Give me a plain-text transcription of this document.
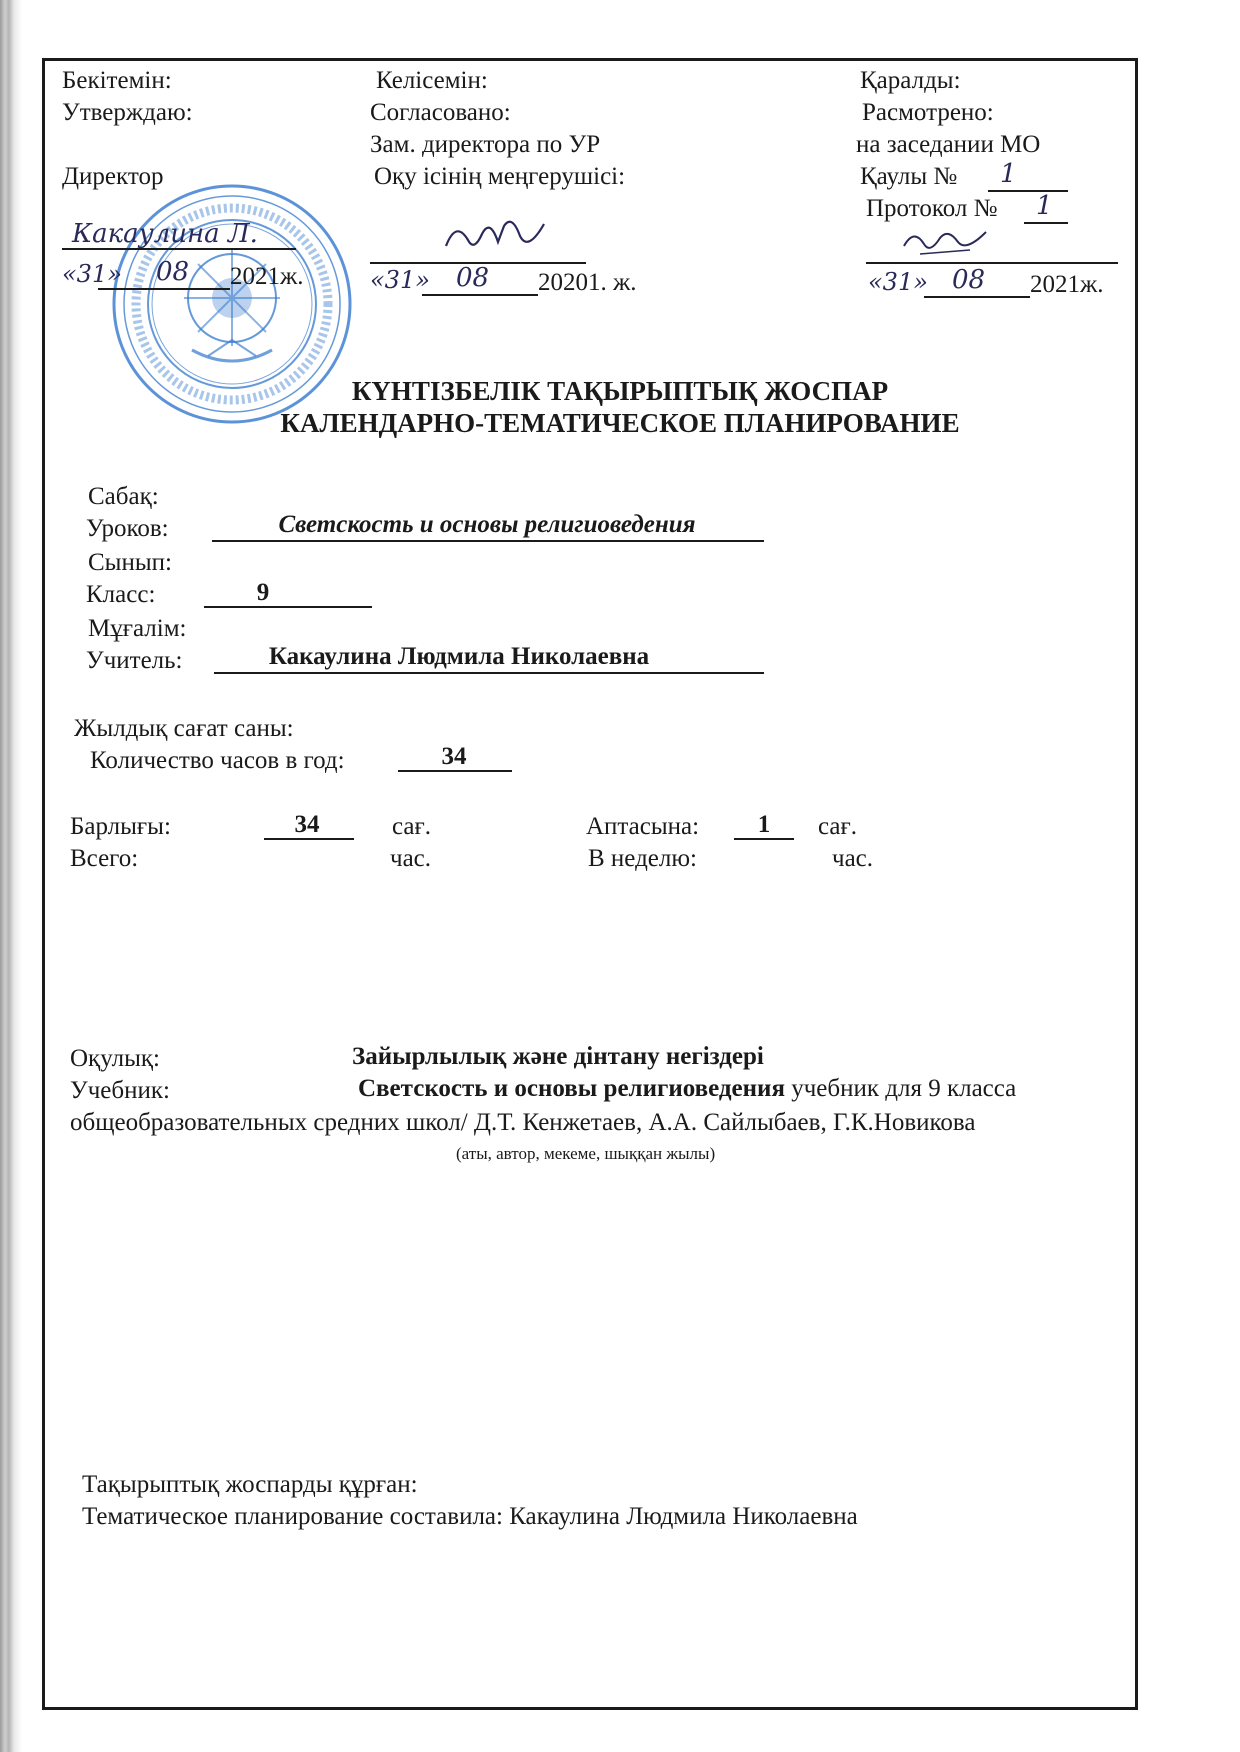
Бекітемін:
Утверждаю:
Директор
Какаулина Л.
«31» 08 2021ж.
Келісемін:
Согласовано:
Зам. директора по УР
Оқу ісінің меңгерушісі:
«31» 08 20201. ж.
Қаралды:
Расмотрено:
на заседании МО
Қаулы № 1
Протокол № 1
«31» 08 2021ж.
КҮНТІЗБЕЛІК ТАҚЫРЫПТЫҚ ЖОСПАР
КАЛЕНДАРНО-ТЕМАТИЧЕСКОЕ ПЛАНИРОВАНИЕ
Сабақ:
Уроков:	Светскость и основы религиоведения
Сынып:
Класс:	9
Мұғалім:
Учитель:	Какаулина Людмила Николаевна
Жылдық сағат саны:
Количество часов в год:	34
Барлығы:
Всего:
34	сағ.
час.
Аптасына:
В неделю:
1	сағ.
час.
Оқулық:	Зайырлылық және дінтану негіздері
Учебник:	Светскость и основы религиоведения учебник для 9 класса
общеобразовательных средних школ/ Д.Т. Кенжетаев, А.А. Сайлыбаев, Г.К.Новикова
(аты, автор, мекеме, шыққан жылы)
Тақырыптық жоспарды құрған:
Тематическое планирование составила: Какаулина Людмила Николаевна
